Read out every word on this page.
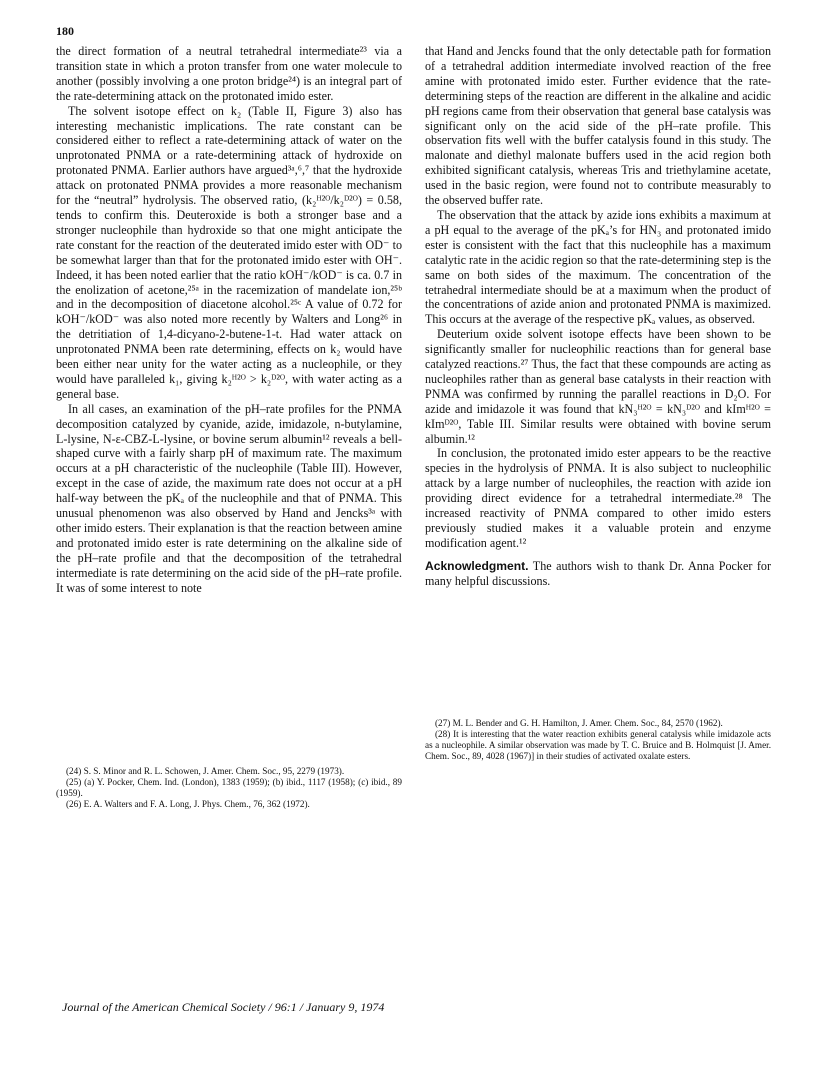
180

the direct formation of a neutral tetrahedral intermediate²³ via a transition state in which a proton transfer from one water molecule to another (possibly involving a one proton bridge²⁴) is an integral part of the rate-determining attack on the protonated imido ester.

The solvent isotope effect on k₂ (Table II, Figure 3) also has interesting mechanistic implications. The rate constant can be considered either to reflect a rate-determining attack of water on the unprotonated PNMA or a rate-determining attack of hydroxide on protonated PNMA. Earlier authors have argued³ᵃ,⁶,⁷ that the hydroxide attack on protonated PNMA provides a more reasonable mechanism for the “neutral” hydrolysis. The observed ratio, (k₂ᴴ²ᴼ/k₂ᴰ²ᴼ) = 0.58, tends to confirm this. Deuteroxide is both a stronger base and a stronger nucleophile than hydroxide so that one might anticipate the rate constant for the reaction of the deuterated imido ester with OD⁻ to be somewhat larger than that for the protonated imido ester with OH⁻. Indeed, it has been noted earlier that the ratio kOH⁻/kOD⁻ is ca. 0.7 in the enolization of acetone,²⁵ᵃ in the racemization of mandelate ion,²⁵ᵇ and in the decomposition of diacetone alcohol.²⁵ᶜ A value of 0.72 for kOH⁻/kOD⁻ was also noted more recently by Walters and Long²⁶ in the detritiation of 1,4-dicyano-2-butene-1-t. Had water attack on unprotonated PNMA been rate determining, effects on k₂ would have been either near unity for the water acting as a nucleophile, or they would have paralleled k₁, giving k₂ᴴ²ᴼ > k₂ᴰ²ᴼ, with water acting as a general base.

In all cases, an examination of the pH–rate profiles for the PNMA decomposition catalyzed by cyanide, azide, imidazole, n-butylamine, L-lysine, N-ε-CBZ-L-lysine, or bovine serum albumin¹² reveals a bell-shaped curve with a fairly sharp pH of maximum rate. The maximum occurs at a pH characteristic of the nucleophile (Table III). However, except in the case of azide, the maximum rate does not occur at a pH half-way between the pKₐ of the nucleophile and that of PNMA. This unusual phenomenon was also observed by Hand and Jencks³ᵃ with other imido esters. Their explanation is that the reaction between amine and protonated imido ester is rate determining on the alkaline side of the pH–rate profile and that the decomposition of the tetrahedral intermediate is rate determining on the acid side of the pH–rate profile. It was of some interest to note

that Hand and Jencks found that the only detectable path for formation of a tetrahedral addition intermediate involved reaction of the free amine with protonated imido ester. Further evidence that the rate-determining steps of the reaction are different in the alkaline and acidic pH regions came from their observation that general base catalysis was significant only on the acid side of the pH–rate profile. This observation fits well with the buffer catalysis found in this study. The malonate and diethyl malonate buffers used in the acid region both exhibited significant catalysis, whereas Tris and triethylamine acetate, used in the basic region, were found not to contribute measurably to the observed buffer rate.

The observation that the attack by azide ions exhibits a maximum at a pH equal to the average of the pKₐ’s for HN₃ and protonated imido ester is consistent with the fact that this nucleophile has a maximum catalytic rate in the acidic region so that the rate-determining step is the same on both sides of the maximum. The concentration of the tetrahedral intermediate should be at a maximum when the product of the concentrations of azide anion and protonated PNMA is maximized. This occurs at the average of the respective pKₐ values, as observed.

Deuterium oxide solvent isotope effects have been shown to be significantly smaller for nucleophilic reactions than for general base catalyzed reactions.²⁷ Thus, the fact that these compounds are acting as nucleophiles rather than as general base catalysts in their reaction with PNMA was confirmed by running the parallel reactions in D₂O. For azide and imidazole it was found that kN₃ᴴ²ᴼ = kN₃ᴰ²ᴼ and kImᴴ²ᴼ = kImᴰ²ᴼ, Table III. Similar results were obtained with bovine serum albumin.¹²

In conclusion, the protonated imido ester appears to be the reactive species in the hydrolysis of PNMA. It is also subject to nucleophilic attack by a large number of nucleophiles, the reaction with azide ion providing direct evidence for a tetrahedral intermediate.²⁸ The increased reactivity of PNMA compared to other imido esters previously studied makes it a valuable protein and enzyme modification agent.¹²

Acknowledgment. The authors wish to thank Dr. Anna Pocker for many helpful discussions.

(24) S. S. Minor and R. L. Schowen, J. Amer. Chem. Soc., 95, 2279 (1973).

(25) (a) Y. Pocker, Chem. Ind. (London), 1383 (1959); (b) ibid., 1117 (1958); (c) ibid., 89 (1959).

(26) E. A. Walters and F. A. Long, J. Phys. Chem., 76, 362 (1972).

(27) M. L. Bender and G. H. Hamilton, J. Amer. Chem. Soc., 84, 2570 (1962).

(28) It is interesting that the water reaction exhibits general catalysis while imidazole acts as a nucleophile. A similar observation was made by T. C. Bruice and B. Holmquist [J. Amer. Chem. Soc., 89, 4028 (1967)] in their studies of activated oxalate esters.

Journal of the American Chemical Society / 96:1 / January 9, 1974
